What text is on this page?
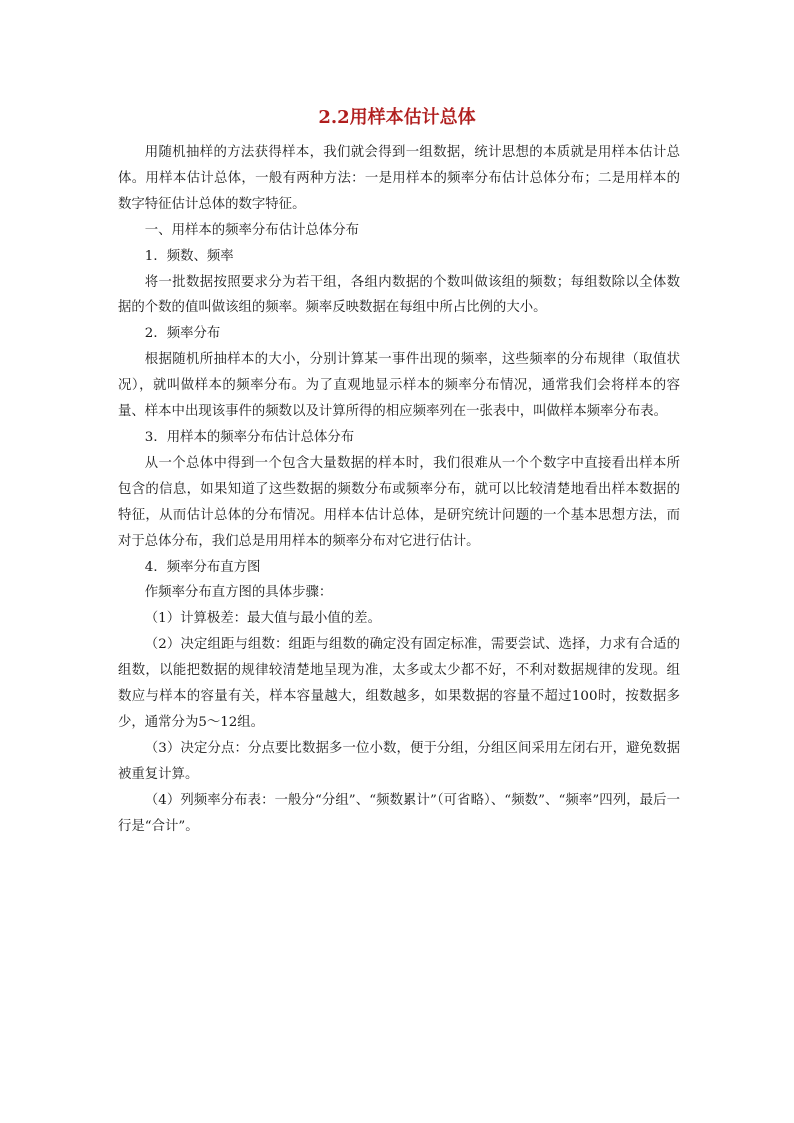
2.2用样本估计总体

用随机抽样的方法获得样本，我们就会得到一组数据，统计思想的本质就是用样本估计总体。用样本估计总体，一般有两种方法：一是用样本的频率分布估计总体分布；二是用样本的数字特征估计总体的数字特征。

一、用样本的频率分布估计总体分布

1．频数、频率

将一批数据按照要求分为若干组，各组内数据的个数叫做该组的频数；每组数除以全体数据的个数的值叫做该组的频率。频率反映数据在每组中所占比例的大小。

2．频率分布

根据随机所抽样本的大小，分别计算某一事件出现的频率，这些频率的分布规律（取值状况），就叫做样本的频率分布。为了直观地显示样本的频率分布情况，通常我们会将样本的容量、样本中出现该事件的频数以及计算所得的相应频率列在一张表中，叫做样本频率分布表。

3．用样本的频率分布估计总体分布

从一个总体中得到一个包含大量数据的样本时，我们很难从一个个数字中直接看出样本所包含的信息，如果知道了这些数据的频数分布或频率分布，就可以比较清楚地看出样本数据的特征，从而估计总体的分布情况。用样本估计总体，是研究统计问题的一个基本思想方法，而对于总体分布，我们总是用用样本的频率分布对它进行估计。

4．频率分布直方图

作频率分布直方图的具体步骤：

（1）计算极差：最大值与最小值的差。

（2）决定组距与组数：组距与组数的确定没有固定标准，需要尝试、选择，力求有合适的组数，以能把数据的规律较清楚地呈现为准，太多或太少都不好，不利对数据规律的发现。组数应与样本的容量有关，样本容量越大，组数越多，如果数据的容量不超过100时，按数据多少，通常分为5～12组。

（3）决定分点：分点要比数据多一位小数，便于分组，分组区间采用左闭右开，避免数据被重复计算。

（4）列频率分布表：一般分“分组”、“频数累计”（可省略）、“频数”、“频率”四列，最后一行是“合计”。
